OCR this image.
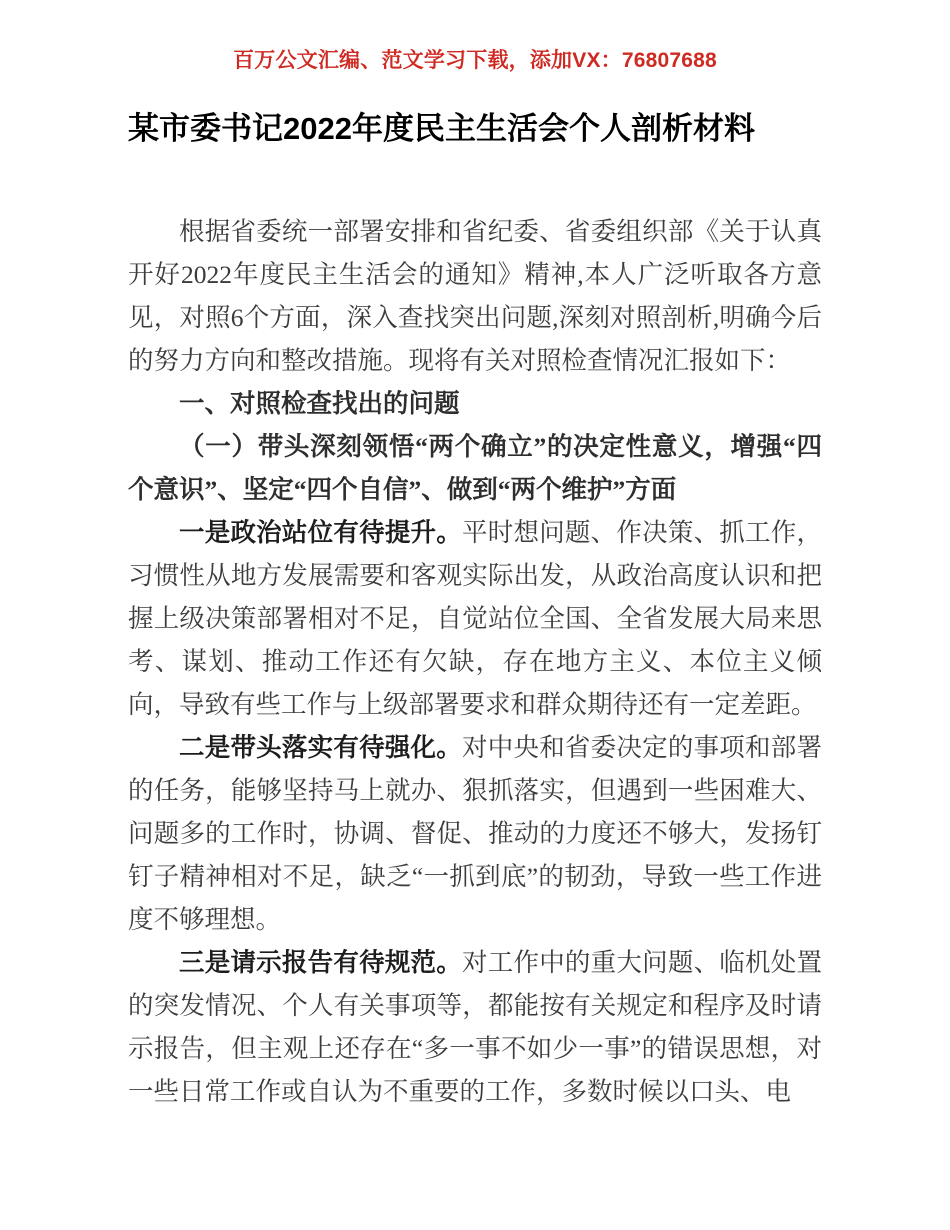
百万公文汇编、范文学习下载，添加VX：76807688
某市委书记2022年度民主生活会个人剖析材料

根据省委统一部署安排和省纪委、省委组织部《关于认真开好2022年度民主生活会的通知》精神,本人广泛听取各方意见，对照6个方面，深入查找突出问题,深刻对照剖析,明确今后的努力方向和整改措施。现将有关对照检查情况汇报如下：

一、对照检查找出的问题

（一）带头深刻领悟“两个确立”的决定性意义，增强“四个意识”、坚定“四个自信”、做到“两个维护”方面

一是政治站位有待提升。平时想问题、作决策、抓工作，习惯性从地方发展需要和客观实际出发，从政治高度认识和把握上级决策部署相对不足，自觉站位全国、全省发展大局来思考、谋划、推动工作还有欠缺，存在地方主义、本位主义倾向，导致有些工作与上级部署要求和群众期待还有一定差距。

二是带头落实有待强化。对中央和省委决定的事项和部署的任务，能够坚持马上就办、狠抓落实，但遇到一些困难大、问题多的工作时，协调、督促、推动的力度还不够大，发扬钉钉子精神相对不足，缺乏“一抓到底”的韧劲，导致一些工作进度不够理想。

三是请示报告有待规范。对工作中的重大问题、临机处置的突发情况、个人有关事项等，都能按有关规定和程序及时请示报告，但主观上还存在“多一事不如少一事”的错误思想，对一些日常工作或自认为不重要的工作，多数时候以口头、电
